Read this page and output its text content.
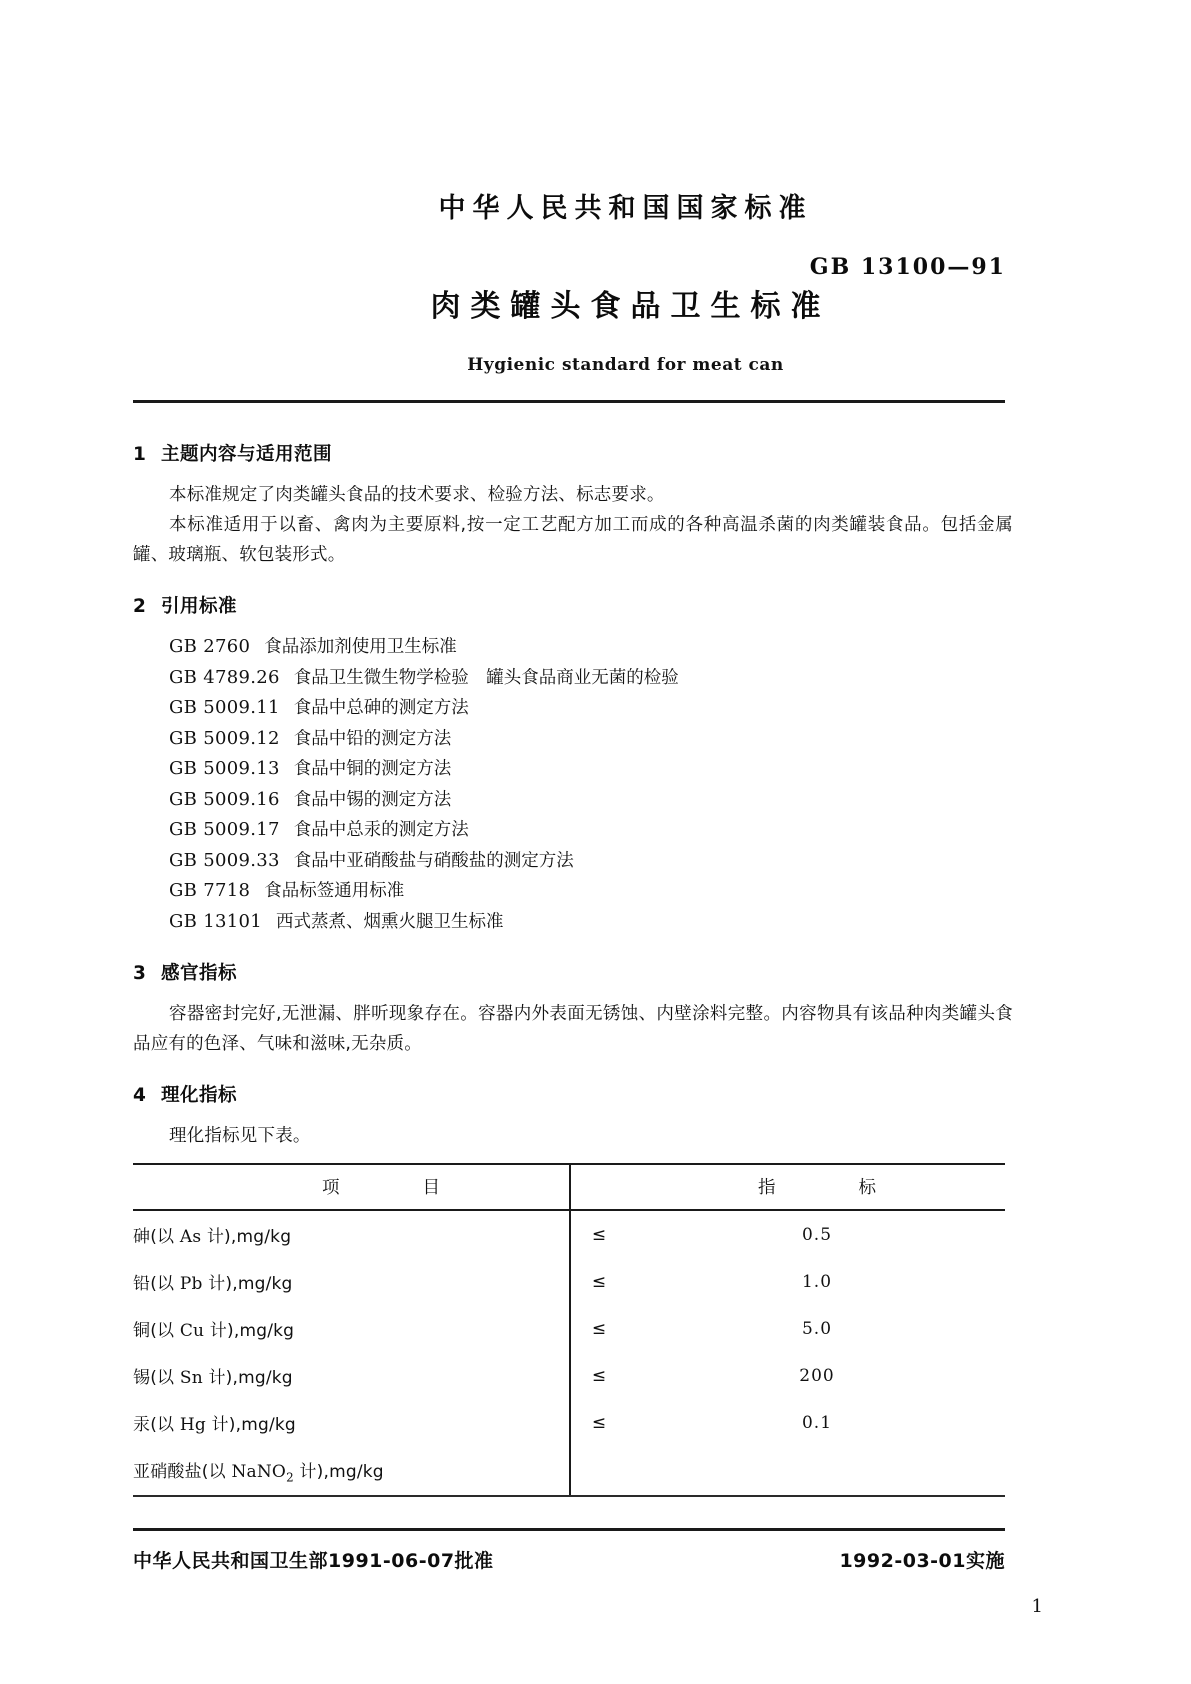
中华人民共和国国家标准
GB 13100—91
肉类罐头食品卫生标准
Hygienic standard for meat can
1 主题内容与适用范围

本标准规定了肉类罐头食品的技术要求、检验方法、标志要求。

本标准适用于以畜、禽肉为主要原料,按一定工艺配方加工而成的各种高温杀菌的肉类罐装食品。包括金属罐、玻璃瓶、软包装形式。

2 引用标准
GB 2760 食品添加剂使用卫生标准
GB 4789.26 食品卫生微生物学检验　罐头食品商业无菌的检验
GB 5009.11 食品中总砷的测定方法
GB 5009.12 食品中铅的测定方法
GB 5009.13 食品中铜的测定方法
GB 5009.16 食品中锡的测定方法
GB 5009.17 食品中总汞的测定方法
GB 5009.33 食品中亚硝酸盐与硝酸盐的测定方法
GB 7718 食品标签通用标准
GB 13101 西式蒸煮、烟熏火腿卫生标准
3 感官指标

容器密封完好,无泄漏、胖听现象存在。容器内外表面无锈蚀、内壁涂料完整。内容物具有该品种肉类罐头食品应有的色泽、气味和滋味,无杂质。

4 理化指标

理化指标见下表。

项　　目		指　　标
砷(以 As 计),mg/kg	≤	0.5
铅(以 Pb 计),mg/kg	≤	1.0
铜(以 Cu 计),mg/kg	≤	5.0
锡(以 Sn 计),mg/kg	≤	200
汞(以 Hg 计),mg/kg	≤	0.1
亚硝酸盐(以 NaNO$_2$ 计),mg/kg		
中华人民共和国卫生部1991-06-07批准	1992-03-01实施
1
